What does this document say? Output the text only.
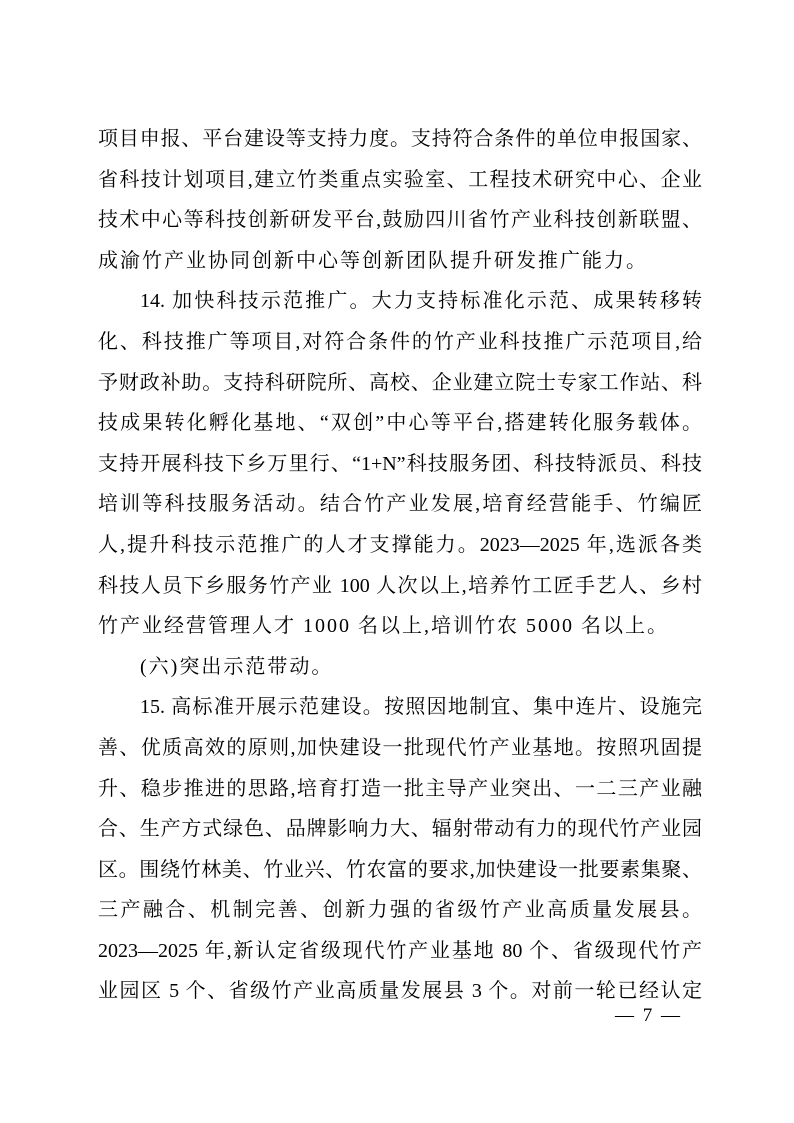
项目申报、平台建设等支持力度。支持符合条件的单位申报国家、
省科技计划项目,建立竹类重点实验室、工程技术研究中心、企业
技术中心等科技创新研发平台,鼓励四川省竹产业科技创新联盟、
成渝竹产业协同创新中心等创新团队提升研发推广能力。
14. 加快科技示范推广。大力支持标准化示范、成果转移转
化、科技推广等项目,对符合条件的竹产业科技推广示范项目,给
予财政补助。支持科研院所、高校、企业建立院士专家工作站、科
技成果转化孵化基地、“双创”中心等平台,搭建转化服务载体。
支持开展科技下乡万里行、“1+N”科技服务团、科技特派员、科技
培训等科技服务活动。结合竹产业发展,培育经营能手、竹编匠
人,提升科技示范推广的人才支撑能力。2023—2025 年,选派各类
科技人员下乡服务竹产业 100 人次以上,培养竹工匠手艺人、乡村
竹产业经营管理人才 1000 名以上,培训竹农 5000 名以上。
(六)突出示范带动。
15. 高标准开展示范建设。按照因地制宜、集中连片、设施完
善、优质高效的原则,加快建设一批现代竹产业基地。按照巩固提
升、稳步推进的思路,培育打造一批主导产业突出、一二三产业融
合、生产方式绿色、品牌影响力大、辐射带动有力的现代竹产业园
区。围绕竹林美、竹业兴、竹农富的要求,加快建设一批要素集聚、
三产融合、机制完善、创新力强的省级竹产业高质量发展县。
2023—2025 年,新认定省级现代竹产业基地 80 个、省级现代竹产
业园区 5 个、省级竹产业高质量发展县 3 个。对前一轮已经认定
— 7 —
